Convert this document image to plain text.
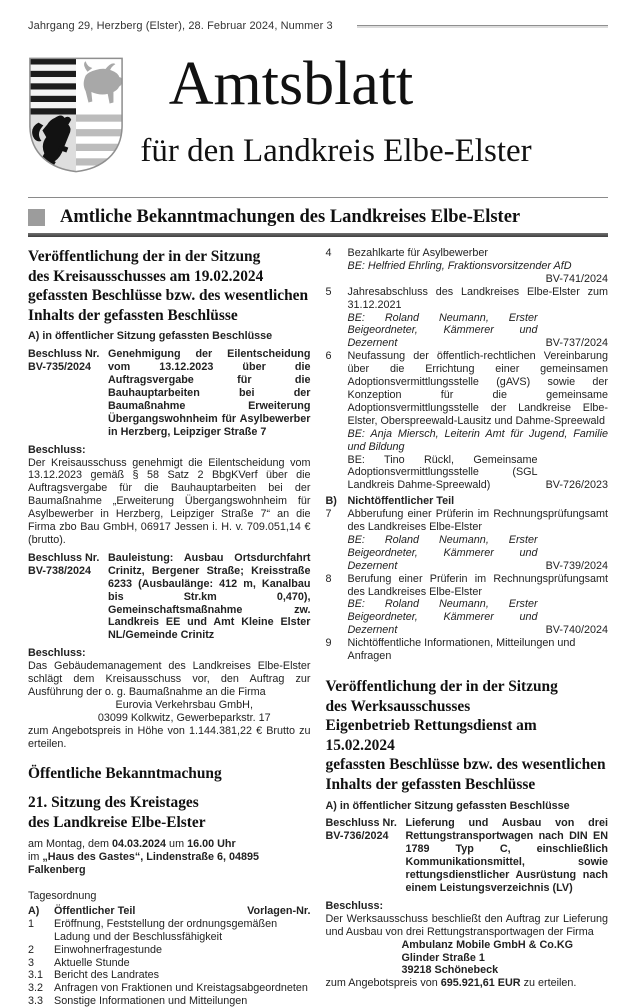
Jahrgang 29, Herzberg (Elster), 28. Februar 2024, Nummer 3
Amtsblatt
für den Landkreis Elbe-Elster
Amtliche Bekanntmachungen des Landkreises Elbe-Elster
Veröffentlichung der in der Sitzung
des Kreisausschusses am 19.02.2024
gefassten Beschlüsse bzw. des wesentlichen
Inhalts der gefassten Beschlüsse

A) in öffentlicher Sitzung gefassten Beschlüsse

Beschluss Nr.
BV-735/2024
Genehmigung der Eilentscheidung vom 13.12.2023 über die Auftragsvergabe für die Bauhauptarbeiten bei der Baumaßnahme Erweiterung Übergangswohnheim für Asylbewerber in Herzberg, Leipziger Straße 7

Beschluss:

Der Kreisausschuss genehmigt die Eilentscheidung vom 13.12.2023 gemäß § 58 Satz 2 BbgKVerf über die Auftragsvergabe für die Bauhauptarbeiten bei der Baumaßnahme „Erweiterung Übergangswohnheim für Asylbewerber in Herzberg, Leipziger Straße 7“ an die Firma zbo Bau GmbH, 06917 Jessen i. H. v. 709.051,14 € (brutto).

Beschluss Nr.
BV-738/2024
Bauleistung: Ausbau Ortsdurchfahrt Crinitz, Bergener Straße; Kreisstraße 6233 (Ausbaulänge: 412 m, Kanalbau bis Str.km 0,470), Gemeinschaftsmaßnahme zw. Landkreis EE und Amt Kleine Elster NL/Gemeinde Crinitz

Beschluss:

Das Gebäudemanagement des Landkreises Elbe-Elster schlägt dem Kreisausschuss vor, den Auftrag zur Ausführung der o. g. Baumaßnahme an die Firma

Eurovia Verkehrsbau GmbH,

03099 Kolkwitz, Gewerbeparkstr. 17

zum Angebotspreis in Höhe von 1.144.381,22 € Brutto zu erteilen.

Öffentliche Bekanntmachung
21. Sitzung des Kreistages
des Landkreise Elbe-Elster

am Montag, dem 04.03.2024 um 16.00 Uhr

im „Haus des Gastes“, Lindenstraße 6, 04895 Falkenberg

Tagesordnung

A)	Öffentlicher Teil	Vorlagen-Nr.
1	Eröffnung, Feststellung der ordnungsgemäßen Ladung und der Beschlussfähigkeit
2	Einwohnerfragestunde
3	Aktuelle Stunde
3.1	Bericht des Landrates
3.2	Anfragen von Fraktionen und Kreistagsabgeordneten
3.3	Sonstige Informationen und Mitteilungen
4	Bezahlkarte für Asylbewerber

BE: Helfried Ehrling, Fraktionsvorsitzender AfD

BV-741/2024

5	Jahresabschluss des Landkreises Elbe-Elster zum 31.12.2021

BE: Roland Neumann, Erster Beigeordneter, Kämmerer und Dezernent	BV-737/2024
6	Neufassung der öffentlich-rechtlichen Vereinbarung über die Errichtung einer gemeinsamen Adoptionsvermittlungsstelle (gAVS) sowie der Konzeption für die gemeinsame Adoptionsvermittlungsstelle der Landkreise Elbe-Elster, Oberspreewald-Lausitz und Dahme-Spreewald

BE: Anja Miersch, Leiterin Amt für Jugend, Familie und Bildung

BE: Tino Rückl, Gemeinsame Adoptionsvermittlungsstelle (SGL Landkreis Dahme-Spreewald)	BV-726/2023
B) Nichtöffentlicher Teil
7	Abberufung einer Prüferin im Rechnungsprüfungsamt des Landkreises Elbe-Elster

BE: Roland Neumann, Erster Beigeordneter, Kämmerer und Dezernent	BV-739/2024
8	Berufung einer Prüferin im Rechnungsprüfungsamt des Landkreises Elbe-Elster

BE: Roland Neumann, Erster Beigeordneter, Kämmerer und Dezernent	BV-740/2024
9	Nichtöffentliche Informationen, Mitteilungen und Anfragen

Veröffentlichung der in der Sitzung
des Werksausschusses
Eigenbetrieb Rettungsdienst am 15.02.2024
gefassten Beschlüsse bzw. des wesentlichen
Inhalts der gefassten Beschlüsse

A) in öffentlicher Sitzung gefassten Beschlüsse

Beschluss Nr.
BV-736/2024
Lieferung und Ausbau von drei Rettungstransportwagen nach DIN EN 1789 Typ C, einschließlich Kommunikationsmittel, sowie rettungsdienstlicher Ausrüstung nach einem Leistungsverzeichnis (LV)

Beschluss:

Der Werksausschuss beschließt den Auftrag zur Lieferung und Ausbau von drei Rettungstransportwagen der Firma

Ambulanz Mobile GmbH & Co.KG

Glinder Straße 1

39218 Schönebeck

zum Angebotspreis von 695.921,61 EUR zu erteilen.
